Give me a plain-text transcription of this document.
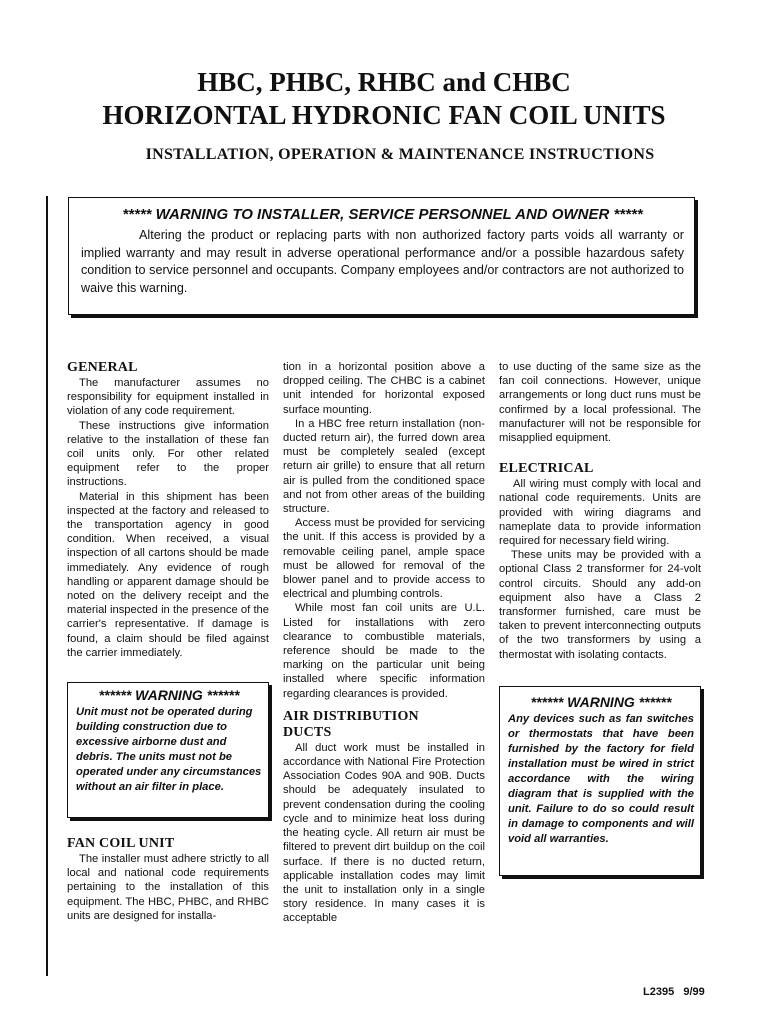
HBC, PHBC, RHBC and CHBC
HORIZONTAL HYDRONIC FAN COIL UNITS
INSTALLATION, OPERATION & MAINTENANCE INSTRUCTIONS
***** WARNING TO INSTALLER, SERVICE PERSONNEL AND OWNER *****
Altering the product or replacing parts with non authorized factory parts voids all warranty or implied warranty and may result in adverse operational performance and/or a possible hazardous safety condition to service personnel and occupants. Company employees and/or contractors are not authorized to waive this warning.
GENERAL

The manufacturer assumes no responsibility for equipment installed in violation of any code requirement.

These instructions give information relative to the installation of these fan coil units only. For other related equipment refer to the proper instructions.

Material in this shipment has been inspected at the factory and released to the transportation agency in good condition. When received, a visual inspection of all cartons should be made immediately. Any evidence of rough handling or apparent damage should be noted on the delivery receipt and the material inspected in the presence of the carrier's representative. If damage is found, a claim should be filed against the carrier immediately.

****** WARNING ******
Unit must not be operated during building construction due to excessive airborne dust and debris. The units must not be operated under any circumstances without an air filter in place.
FAN COIL UNIT

The installer must adhere strictly to all local and national code requirements pertaining to the installation of this equipment. The HBC, PHBC, and RHBC units are designed for installa-

tion in a horizontal position above a dropped ceiling. The CHBC is a cabinet unit intended for horizontal exposed surface mounting.

In a HBC free return installation (non-ducted return air), the furred down area must be completely sealed (except return air grille) to ensure that all return air is pulled from the conditioned space and not from other areas of the building structure.

Access must be provided for servicing the unit. If this access is provided by a removable ceiling panel, ample space must be allowed for removal of the blower panel and to provide access to electrical and plumbing controls.

While most fan coil units are U.L. Listed for installations with zero clearance to combustible materials, reference should be made to the marking on the particular unit being installed where specific information regarding clearances is provided.

AIR DISTRIBUTION
DUCTS

All duct work must be installed in accordance with National Fire Protection Association Codes 90A and 90B. Ducts should be adequately insulated to prevent condensation during the cooling cycle and to minimize heat loss during the heating cycle. All return air must be filtered to prevent dirt buildup on the coil surface. If there is no ducted return, applicable installation codes may limit the unit to installation only in a single story residence. In many cases it is acceptable

to use ducting of the same size as the fan coil connections. However, unique arrangements or long duct runs must be confirmed by a local professional. The manufacturer will not be responsible for misapplied equipment.

ELECTRICAL

All wiring must comply with local and national code requirements. Units are provided with wiring diagrams and nameplate data to provide information required for necessary field wiring.

These units may be provided with a optional Class 2 transformer for 24-volt control circuits. Should any add-on equipment also have a Class 2 transformer furnished, care must be taken to prevent interconnecting outputs of the two transformers by using a thermostat with isolating contacts.

****** WARNING ******
Any devices such as fan switches or thermostats that have been furnished by the factory for field installation must be wired in strict accordance with the wiring diagram that is supplied with the unit. Failure to do so could result in damage to components and will void all warranties.
L2395   9/99
